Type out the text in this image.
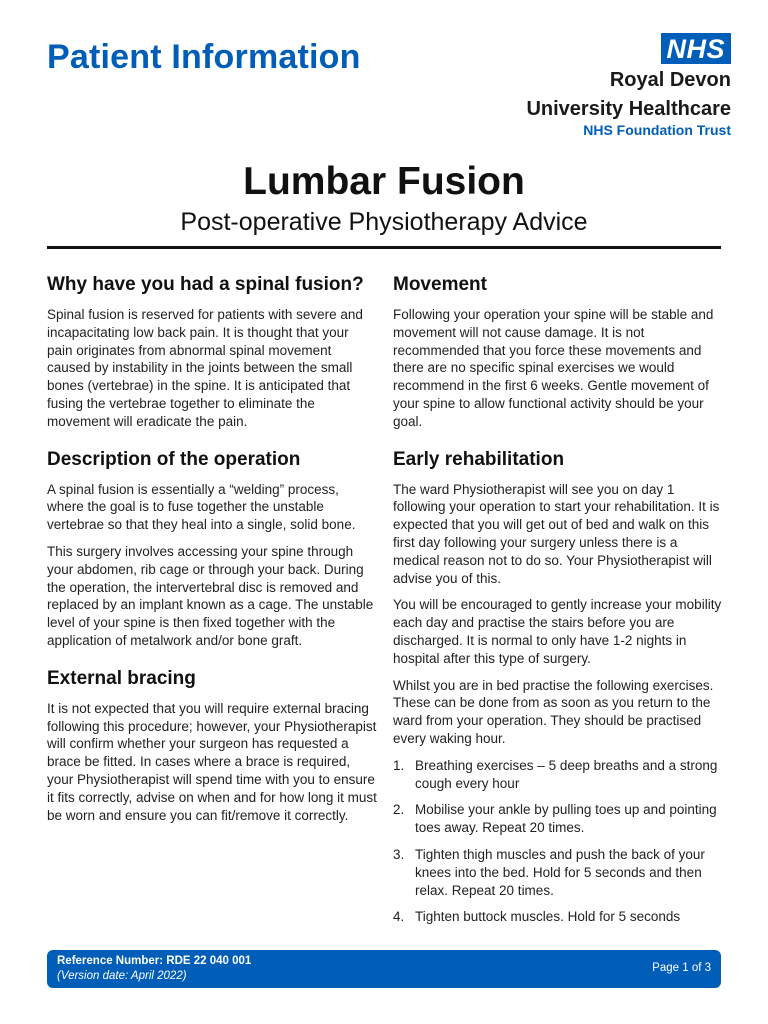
Patient Information	NHS
Royal Devon
University Healthcare
NHS Foundation Trust
Lumbar Fusion
Post-operative Physiotherapy Advice
Why have you had a spinal fusion?

Spinal fusion is reserved for patients with severe and incapacitating low back pain. It is thought that your pain originates from abnormal spinal movement caused by instability in the joints between the small bones (vertebrae) in the spine. It is anticipated that fusing the vertebrae together to eliminate the movement will eradicate the pain.

Description of the operation

A spinal fusion is essentially a “welding” process, where the goal is to fuse together the unstable vertebrae so that they heal into a single, solid bone.

This surgery involves accessing your spine through your abdomen, rib cage or through your back. During the operation, the intervertebral disc is removed and replaced by an implant known as a cage. The unstable level of your spine is then fixed together with the application of metalwork and/or bone graft.

External bracing

It is not expected that you will require external bracing following this procedure; however, your Physiotherapist will confirm whether your surgeon has requested a brace be fitted. In cases where a brace is required, your Physiotherapist will spend time with you to ensure it fits correctly, advise on when and for how long it must be worn and ensure you can fit/remove it correctly.

Movement

Following your operation your spine will be stable and movement will not cause damage. It is not recommended that you force these movements and there are no specific spinal exercises we would recommend in the first 6 weeks. Gentle movement of your spine to allow functional activity should be your goal.

Early rehabilitation

The ward Physiotherapist will see you on day 1 following your operation to start your rehabilitation. It is expected that you will get out of bed and walk on this first day following your surgery unless there is a medical reason not to do so. Your Physiotherapist will advise you of this.

You will be encouraged to gently increase your mobility each day and practise the stairs before you are discharged. It is normal to only have 1-2 nights in hospital after this type of surgery.

Whilst you are in bed practise the following exercises. These can be done from as soon as you return to the ward from your operation. They should be practised every waking hour.

1. Breathing exercises – 5 deep breaths and a strong cough every hour
2. Mobilise your ankle by pulling toes up and pointing toes away. Repeat 20 times.
3. Tighten thigh muscles and push the back of your knees into the bed. Hold for 5 seconds and then relax. Repeat 20 times.
4. Tighten buttock muscles. Hold for 5 seconds
Reference Number: RDE 22 040 001
(Version date: April 2022)
Page 1 of 3
